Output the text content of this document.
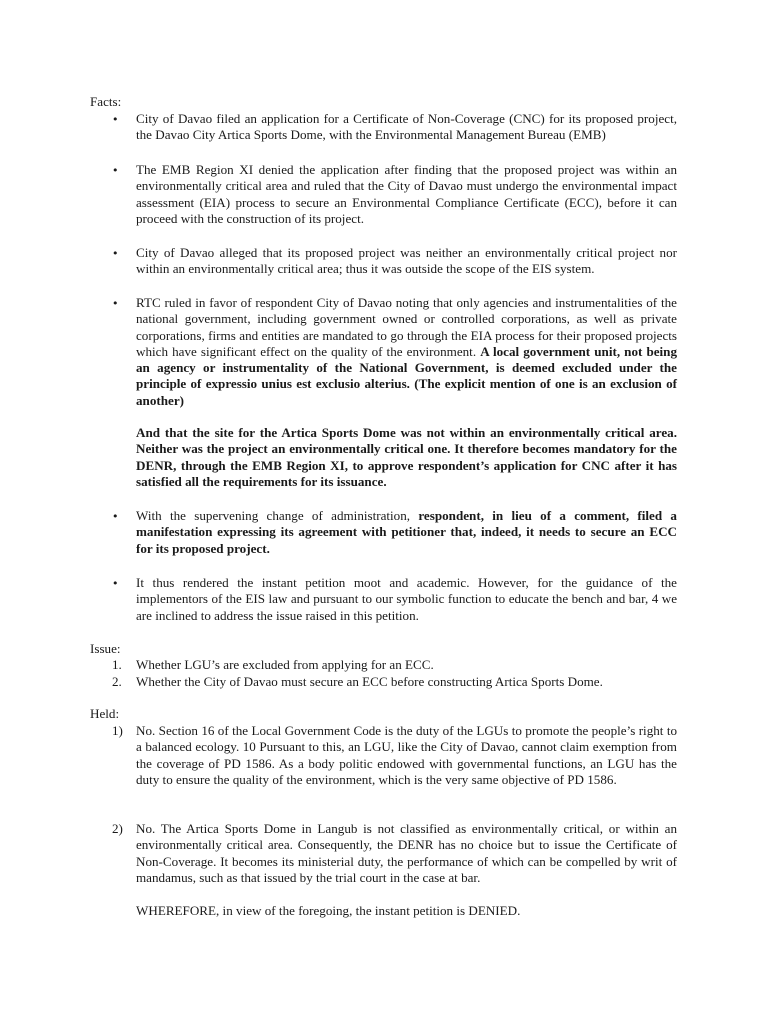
Facts:
•	City of Davao filed an application for a Certificate of Non-Coverage (CNC) for its proposed project, the Davao City Artica Sports Dome, with the Environmental Management Bureau (EMB)

•	The EMB Region XI denied the application after finding that the proposed project was within an environmentally critical area and ruled that the City of Davao must undergo the environmental impact assessment (EIA) process to secure an Environmental Compliance Certificate (ECC), before it can proceed with the construction of its project.

•	City of Davao alleged that its proposed project was neither an environmentally critical project nor within an environmentally critical area; thus it was outside the scope of the EIS system.

•	RTC ruled in favor of respondent City of Davao noting that only agencies and instrumentalities of the national government, including government owned or controlled corporations, as well as private corporations, firms and entities are mandated to go through the EIA process for their proposed projects which have significant effect on the quality of the environment. A local government unit, not being an agency or instrumentality of the National Government, is deemed excluded under the principle of expressio unius est exclusio alterius. (The explicit mention of one is an exclusion of another)

And that the site for the Artica Sports Dome was not within an environmentally critical area. Neither was the project an environmentally critical one. It therefore becomes mandatory for the DENR, through the EMB Region XI, to approve respondent’s application for CNC after it has satisfied all the requirements for its issuance.

•	With the supervening change of administration, respondent, in lieu of a comment, filed a manifestation expressing its agreement with petitioner that, indeed, it needs to secure an ECC for its proposed project.

•	It thus rendered the instant petition moot and academic. However, for the guidance of the implementors of the EIS law and pursuant to our symbolic function to educate the bench and bar, 4 we are inclined to address the issue raised in this petition.

Issue:
1.	Whether LGU’s are excluded from applying for an ECC.

2.	Whether the City of Davao must secure an ECC before constructing Artica Sports Dome.

Held:
1) No. Section 16 of the Local Government Code is the duty of the LGUs to promote the people’s right to a balanced ecology. 10 Pursuant to this, an LGU, like the City of Davao, cannot claim exemption from the coverage of PD 1586. As a body politic endowed with governmental functions, an LGU has the duty to ensure the quality of the environment, which is the very same objective of PD 1586.

2) No. The Artica Sports Dome in Langub is not classified as environmentally critical, or within an environmentally critical area. Consequently, the DENR has no choice but to issue the Certificate of Non-Coverage. It becomes its ministerial duty, the performance of which can be compelled by writ of mandamus, such as that issued by the trial court in the case at bar.

WHEREFORE, in view of the foregoing, the instant petition is DENIED.
